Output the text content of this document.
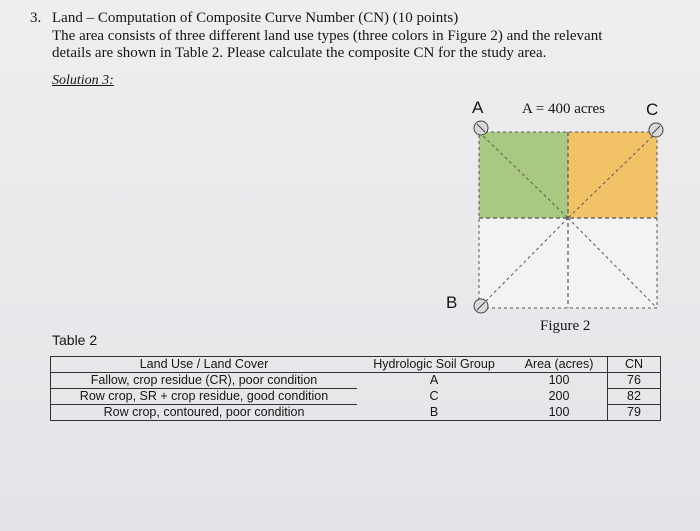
3. Land – Computation of Composite Curve Number (CN) (10 points)
The area consists of three different land use types (three colors in Figure 2) and the relevant
details are shown in Table 2. Please calculate the composite CN for the study area.
Solution 3:
A	C
B
A = 400 acres
Figure 2
Table 2
Land Use / Land Cover	Hydrologic Soil Group	Area (acres)	CN
Fallow, crop residue (CR), poor condition	A	100	76
Row crop, SR + crop residue, good condition	C	200	82
Row crop, contoured, poor condition	B	100	79
